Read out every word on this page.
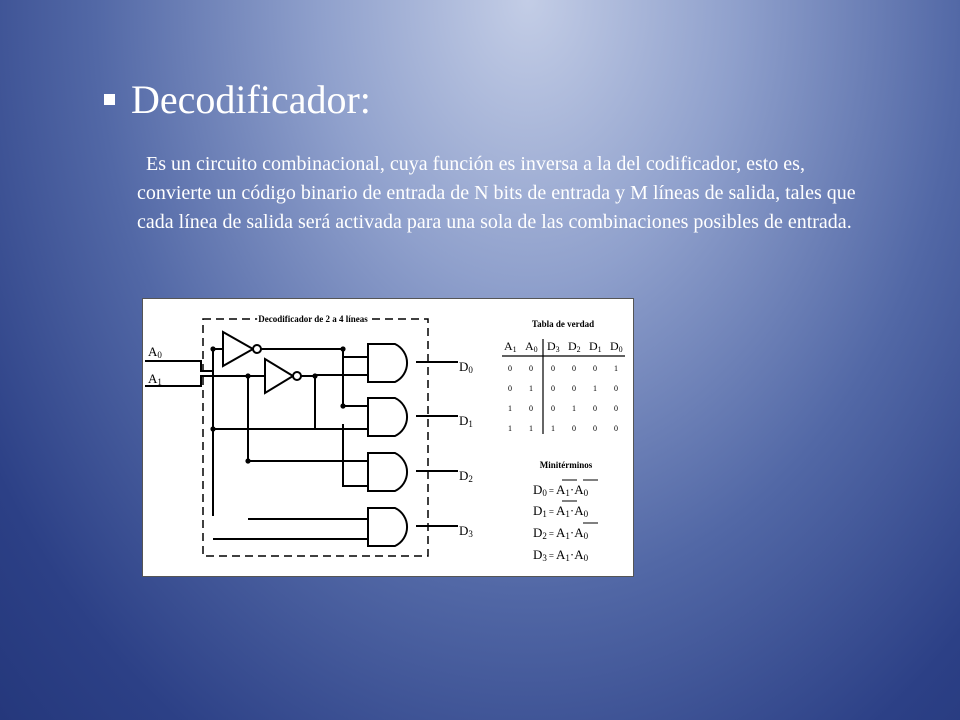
Decodificador:

Es un circuito combinacional, cuya función es inversa a la del codificador, esto es, convierte un código binario de entrada de N bits de entrada y M líneas de salida, tales que cada línea de salida será activada para una sola de las combinaciones posibles de entrada.

Decodificador de 2 a 4 líneas
A0
A1
D0
D1
D2
D3
Tabla de verdad
A1 A0 D3 D2 D1 D0
0 0 0 0 0 1
0 1 0 0 1 0
1 0 0 1 0 0
1 1 1 0 0 0
Minitérminos
D0 = A1·A0
D1 = A1·A0
D2 = A1·A0
D3 = A1·A0
